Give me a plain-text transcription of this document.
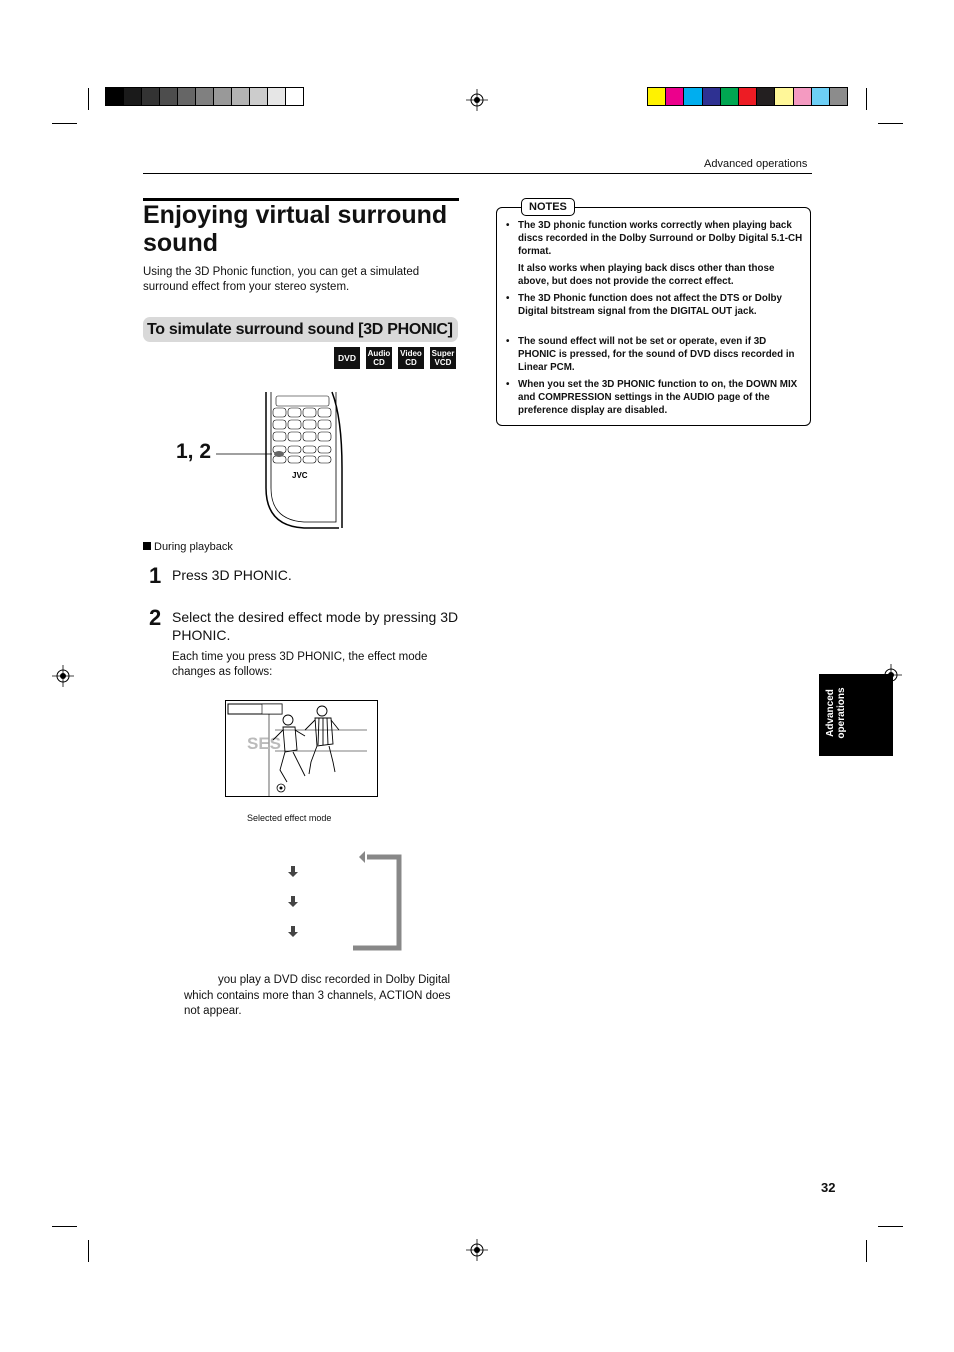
Advanced operations
Enjoying virtual surround sound
Using the 3D Phonic function, you can get a simulated surround effect from your stereo system.
To simulate surround sound [3D PHONIC]
DVD	Audio
CD
Video
CD
Super
VCD
1, 2
JVC
During playback
1 Press 3D PHONIC.
2 Select the desired effect mode by pressing 3D PHONIC.
Each time you press 3D PHONIC, the effect mode changes as follows:
SES
Selected effect mode
you play a DVD disc recorded in Dolby Digital which contains more than 3 channels, ACTION does not appear.
NOTES
• The 3D phonic function works correctly when playing back discs recorded in the Dolby Surround or Dolby Digital 5.1-CH format.
It also works when playing back discs other than those above, but does not provide the correct effect.
• The 3D Phonic function does not affect the DTS or Dolby Digital bitstream signal from the DIGITAL OUT jack.
• The sound effect will not be set or operate, even if 3D PHONIC is pressed, for the sound of DVD discs recorded in Linear PCM.
• When you set the 3D PHONIC function to on, the DOWN MIX and COMPRESSION settings in the AUDIO page of the preference display are disabled.
Advanced operations
32
